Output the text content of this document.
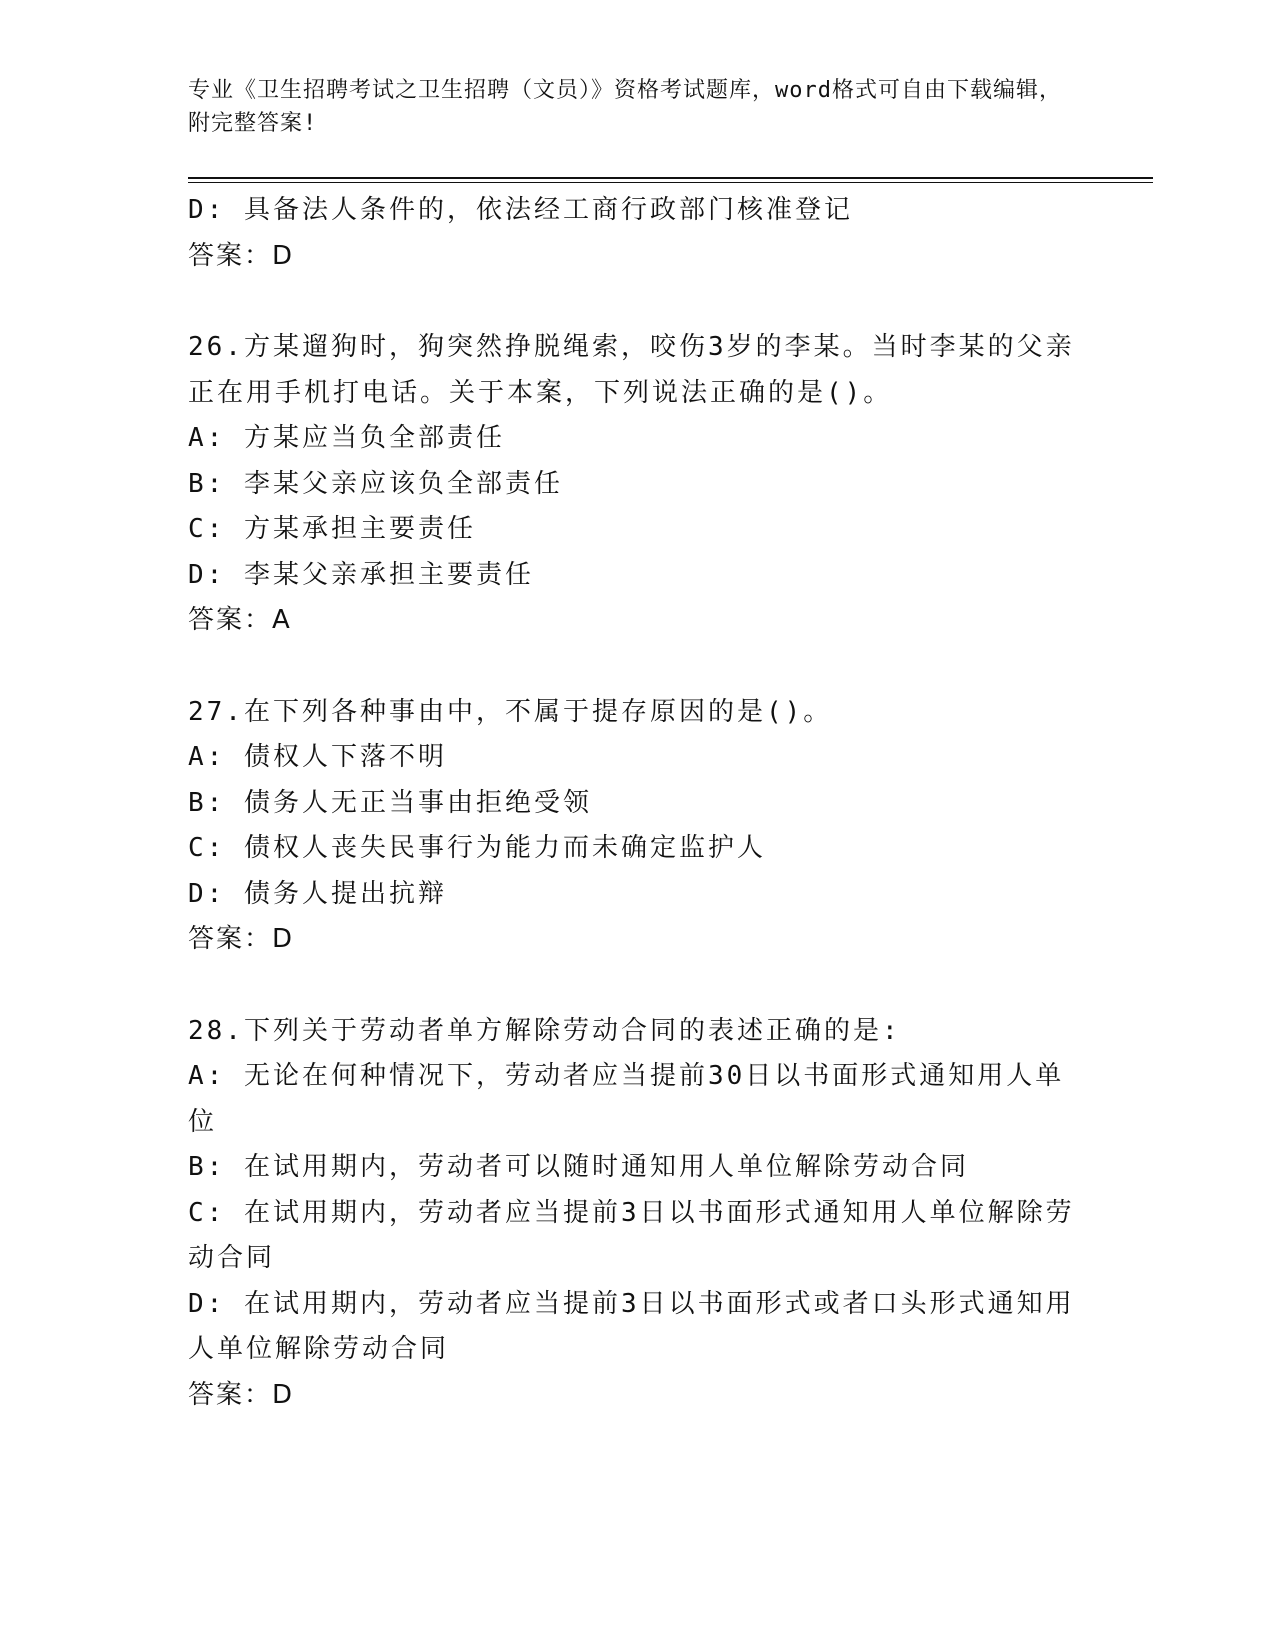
专业《卫生招聘考试之卫生招聘（文员）》资格考试题库，word格式可自由下载编辑，附完整答案!
D: 具备法人条件的，依法经工商行政部门核准登记
答案：D
26.方某遛狗时，狗突然挣脱绳索，咬伤3岁的李某。当时李某的父亲正在用手机打电话。关于本案，下列说法正确的是()。
A: 方某应当负全部责任
B: 李某父亲应该负全部责任
C: 方某承担主要责任
D: 李某父亲承担主要责任
答案：A
27.在下列各种事由中，不属于提存原因的是()。
A: 债权人下落不明
B: 债务人无正当事由拒绝受领
C: 债权人丧失民事行为能力而未确定监护人
D: 债务人提出抗辩
答案：D
28.下列关于劳动者单方解除劳动合同的表述正确的是:
A: 无论在何种情况下，劳动者应当提前30日以书面形式通知用人单位
B: 在试用期内，劳动者可以随时通知用人单位解除劳动合同
C: 在试用期内，劳动者应当提前3日以书面形式通知用人单位解除劳动合同
D: 在试用期内，劳动者应当提前3日以书面形式或者口头形式通知用人单位解除劳动合同
答案：D
